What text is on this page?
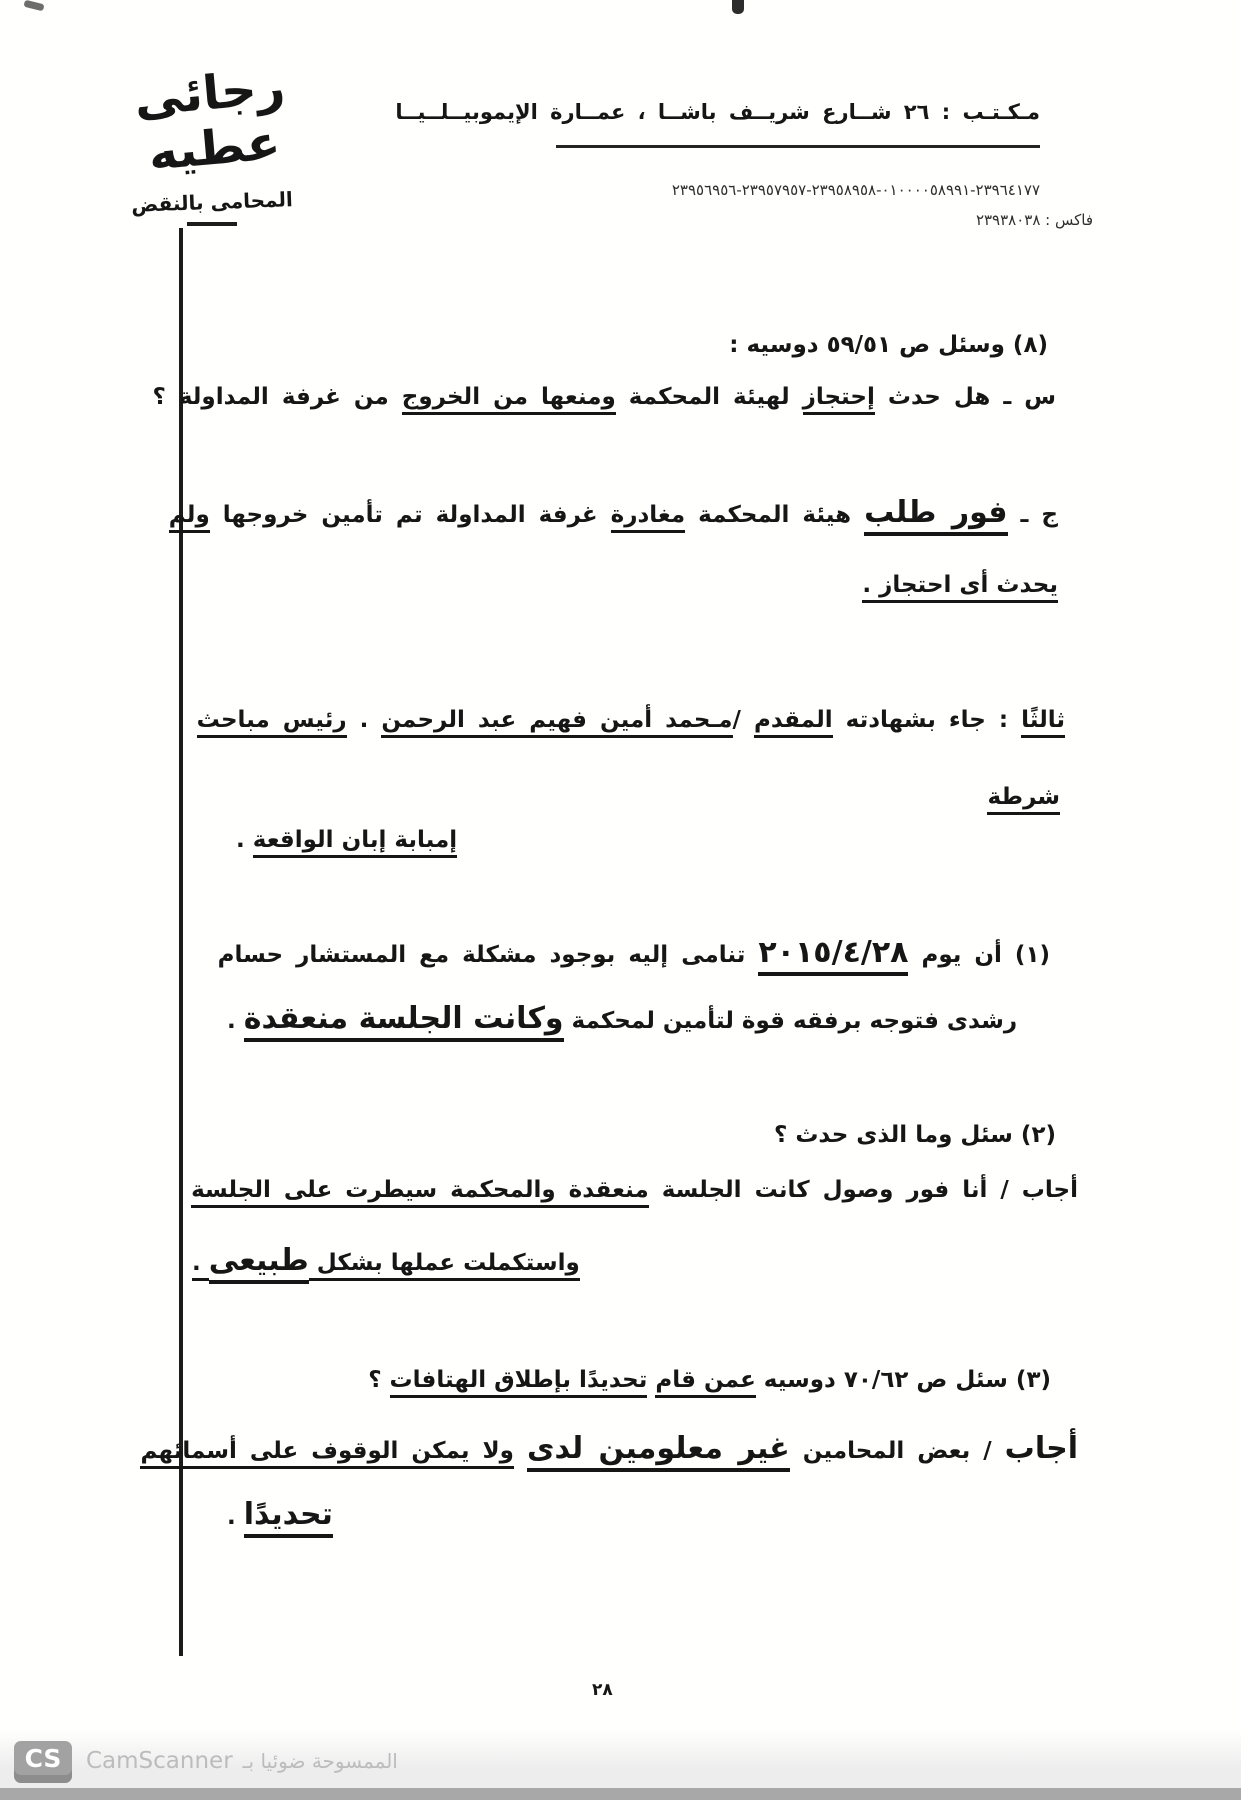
رجائى عطيه
المحامى بالنقض
مـكـتـب : ٢٦ شــارع شريــف باشــا ، عمــارة الإيموبيــلــيــا
٢٣٩٦٤١٧٧-٠١٠٠٠٠٥٨٩٩١-٢٣٩٥٨٩٥٨-٢٣٩٥٧٩٥٧-٢٣٩٥٦٩٥٦
فاكس : ٢٣٩٣٨٠٣٨
(٨) وسئل ص ٥٩/٥١ دوسيه :
س ـ هل حدث إحتجاز لهيئة المحكمة ومنعها من الخروج من غرفة المداولة ؟
ج ـ فور طلب هيئة المحكمة مغادرة غرفة المداولة تم تأمين خروجها ولم
يحدث أى احتجاز .
ثالثًا : جاء بشهادته المقدم /مـحمد أمين فهيم عبد الرحمن . رئيس مباحث
شرطة
إمبابة إبان الواقعة .
(١) أن يوم ٢٠١٥/٤/٢٨ تنامى إليه بوجود مشكلة مع المستشار حسام
رشدى فتوجه برفقه قوة لتأمين لمحكمة وكانت الجلسة منعقدة .
(٢) سئل وما الذى حدث ؟
أجاب / أنا فور وصول كانت الجلسة منعقدة والمحكمة سيطرت على الجلسة
واستكملت عملها بشكل طبيعى .
(٣) سئل ص ٧٠/٦٢ دوسيه عمن قام تحديدًا بإطلاق الهتافات ؟
أجاب / بعض المحامين غير معلومين لدى ولا يمكن الوقوف على أسمائهم
تحديدًا .
٢٨
CS	CamScanner الممسوحة ضوئيا بـ
